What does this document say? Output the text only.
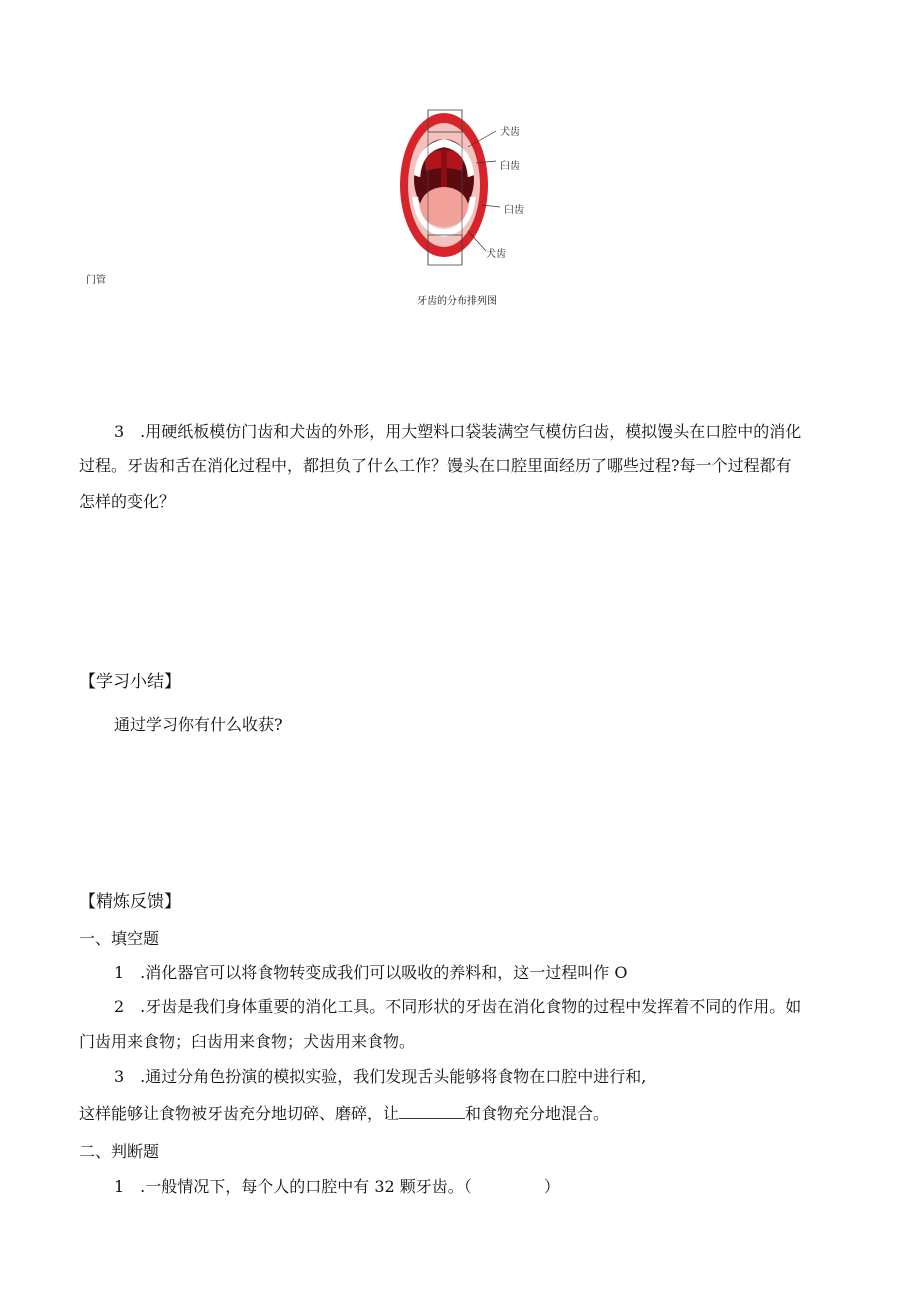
犬齿
臼齿
臼齿
犬齿
门管
牙齿的分布排列图
3　.用硬纸板模仿门齿和犬齿的外形，用大塑料口袋装满空气模仿臼齿，模拟馒头在口腔中的消化
过程。牙齿和舌在消化过程中，都担负了什么工作？馒头在口腔里面经历了哪些过程?每一个过程都有
怎样的变化？
【学习小结】
通过学习你有什么收获?
【精炼反馈】
一、填空题
1　.消化器官可以将食物转变成我们可以吸收的养料和，这一过程叫作 O
2　.牙齿是我们身体重要的消化工具。不同形状的牙齿在消化食物的过程中发挥着不同的作用。如
门齿用来食物；臼齿用来食物；犬齿用来食物。
3　.通过分角色扮演的模拟实验，我们发现舌头能够将食物在口腔中进行和,
这样能够让食物被牙齿充分地切碎、磨碎，让	和食物充分地混合。
二、判断题
1　.一般情况下，每个人的口腔中有 32 颗牙齿。（	）
